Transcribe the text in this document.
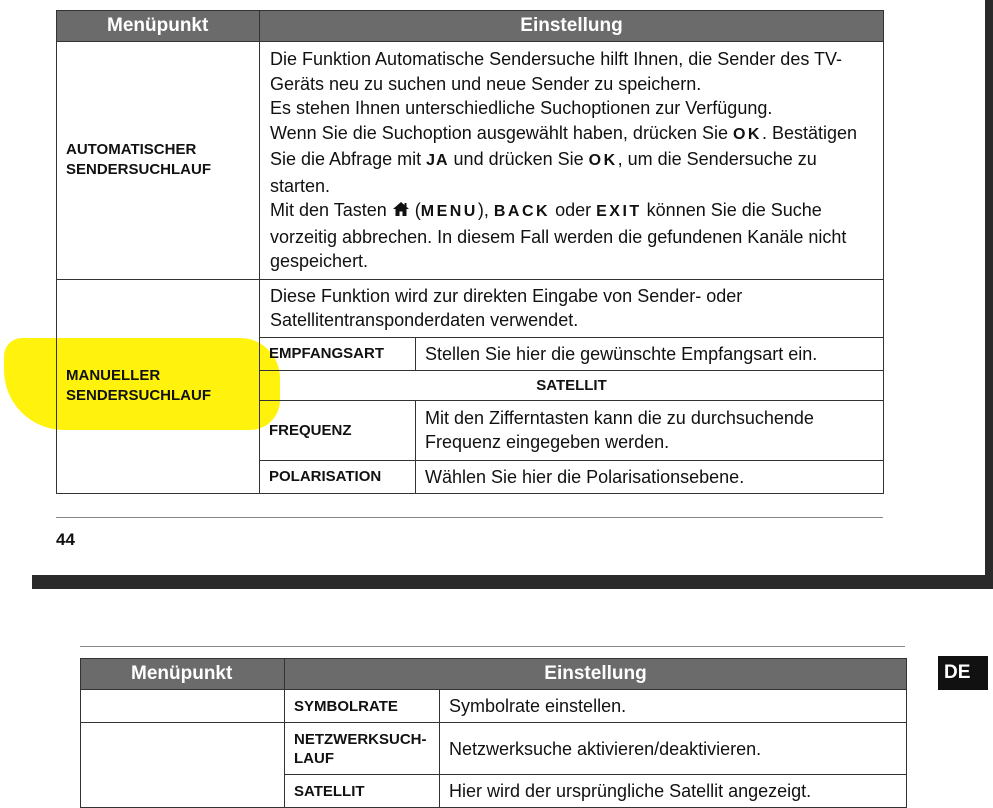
Menüpunkt	Einstellung	
AUTOMATISCHER
SENDERSUCHLAUF	Die Funktion Automatische Sendersuche hilft Ihnen, die Sender des TV-Geräts neu zu suchen und neue Sender zu speichern.
Es stehen Ihnen unterschiedliche Suchoptionen zur Verfügung.
Wenn Sie die Suchoption ausgewählt haben, drücken Sie OK. Bestätigen Sie die Abfrage mit JA und drücken Sie OK, um die Sendersuche zu starten.
Mit den Tasten  (MENU), BACK oder EXIT können Sie die Suche vorzeitig abbrechen. In diesem Fall werden die gefundenen Kanäle nicht gespeichert.	
MANUELLER
SENDERSUCHLAUF	Diese Funktion wird zur direkten Eingabe von Sender- oder Satellitentransponderdaten verwendet.	
	EMPFANGSART	Stellen Sie hier die gewünschte Empfangsart ein.
	SATELLIT	
	FREQUENZ	Mit den Zifferntasten kann die zu durchsuchende Frequenz eingegeben werden.
	POLARISATION	Wählen Sie hier die Polarisationsebene.
44
DE
Menüpunkt	Einstellung	
	SYMBOLRATE	Symbolrate einstellen.
	NETZWERKSUCH-
LAUF	Netzwerksuche aktivieren/deaktivieren.
	SATELLIT	Hier wird der ursprüngliche Satellit angezeigt.
